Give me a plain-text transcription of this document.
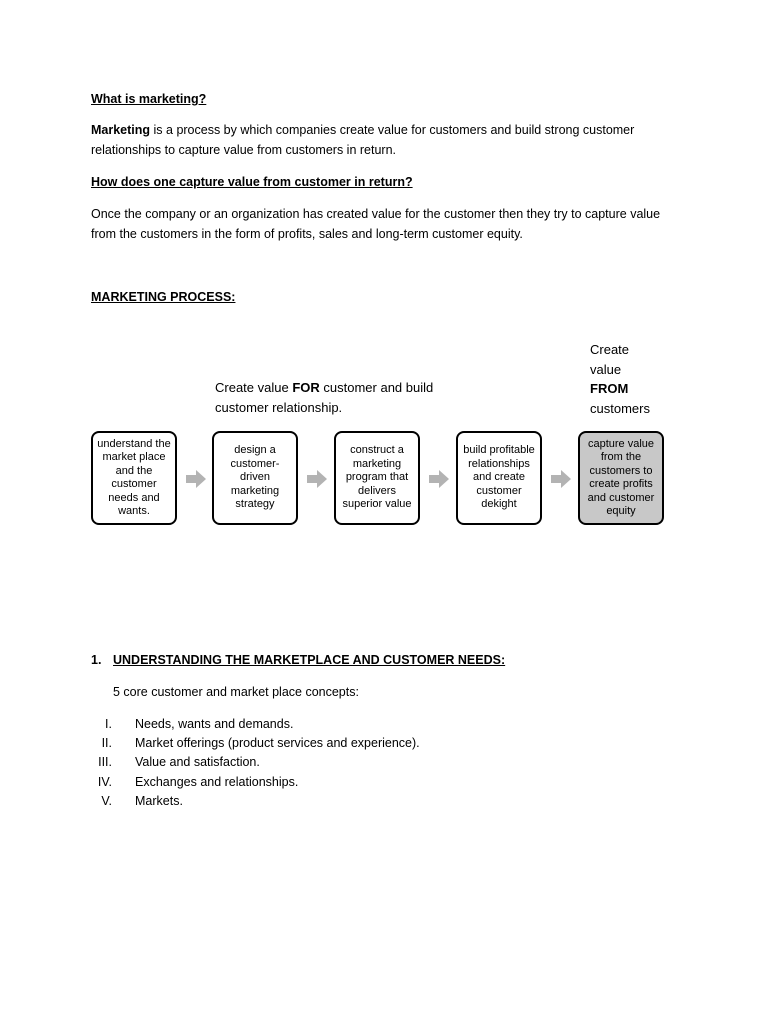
What is marketing?
Marketing is a process by which companies create value for customers and build strong customer
relationships to capture value from customers in return.
How does one capture value from customer in return?
Once the company or an organization has created value for the customer then they try to capture value
from the customers in the form of profits, sales and long-term customer equity.
MARKETING PROCESS:
Create
value
FROM
customers
Create value FOR customer and build
customer relationship.
understand the market place and the customer needs and wants.
design a customer-driven marketing strategy
construct a marketing program that delivers superior value
build profitable relationships and create customer dekight
capture value from the customers to create profits and customer equity
1. UNDERSTANDING THE MARKETPLACE AND CUSTOMER NEEDS:
5 core customer and market place concepts:
I. Needs, wants and demands.
II. Market offerings (product services and experience).
III. Value and satisfaction.
IV. Exchanges and relationships.
V. Markets.
